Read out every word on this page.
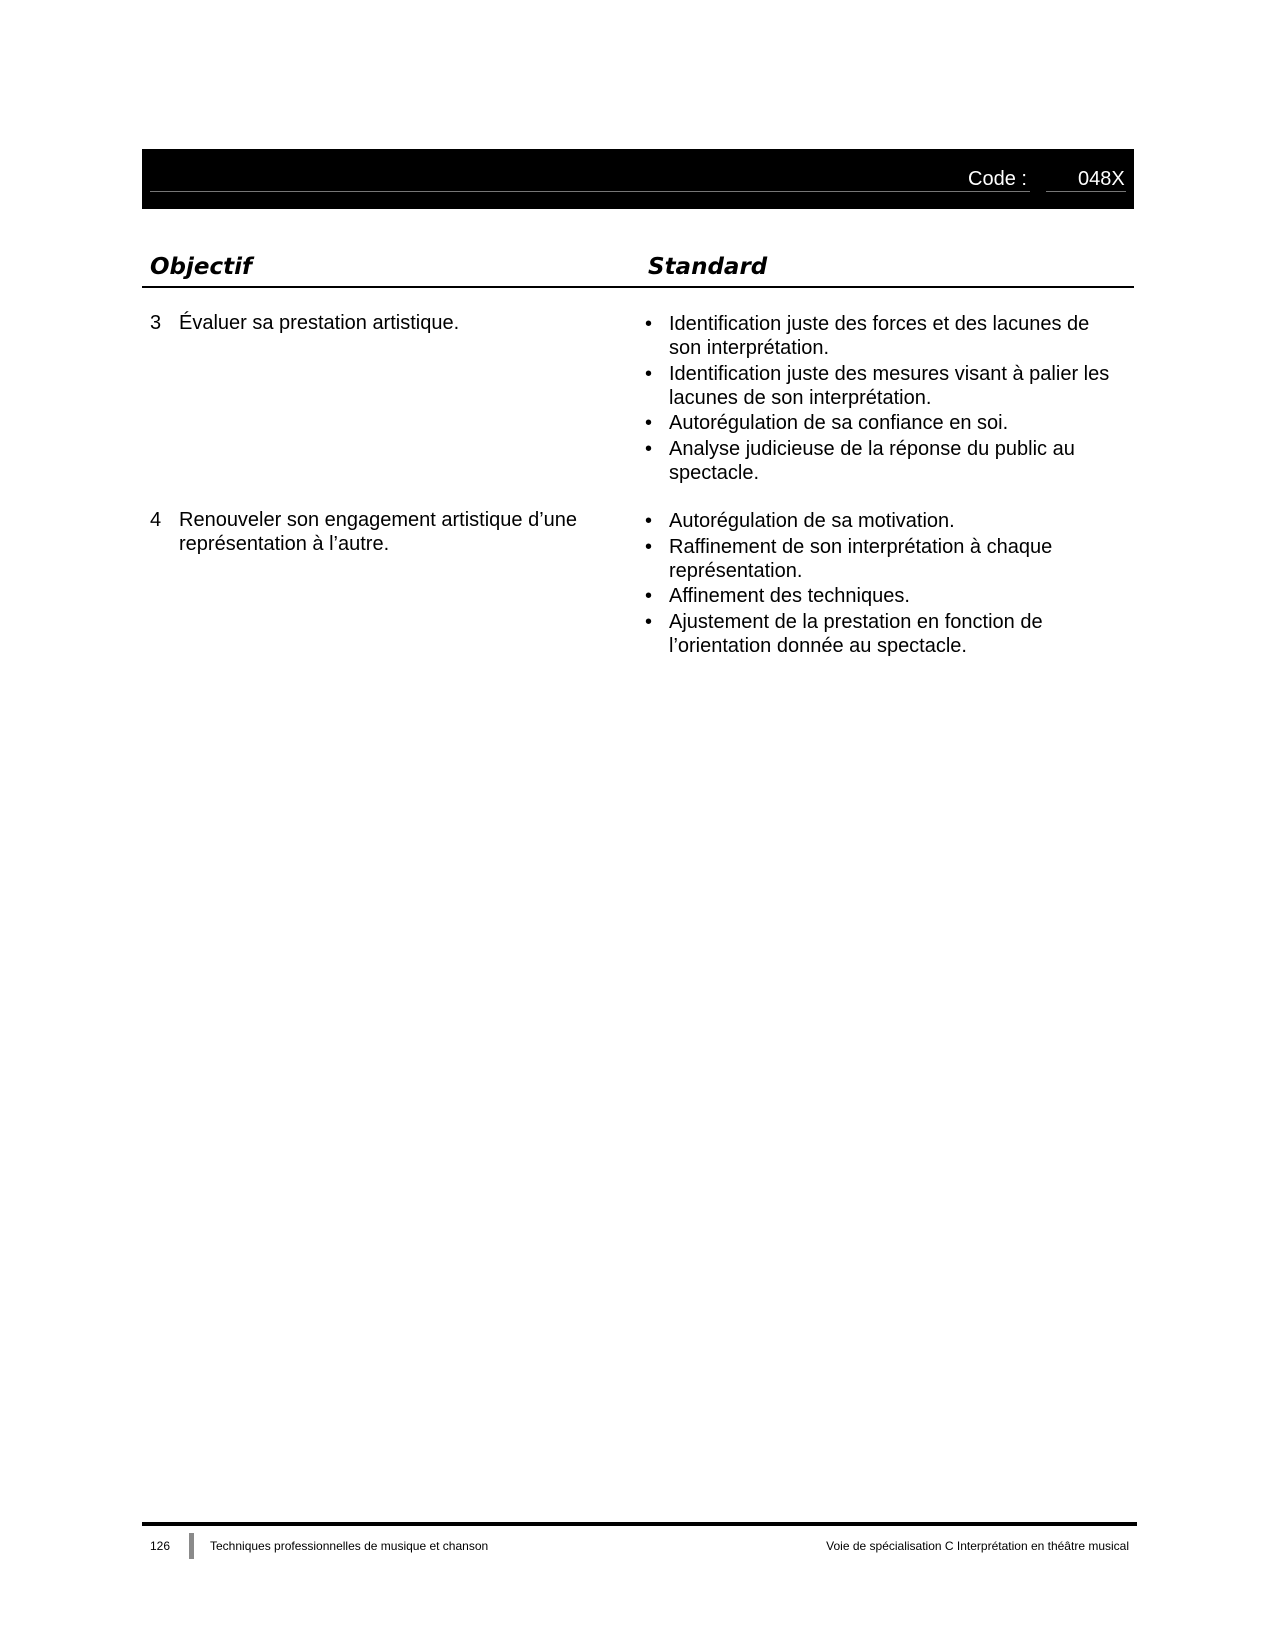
Code :	048X
Objectif	Standard
3 Évaluer sa prestation artistique.
•	Identification juste des forces et des lacunes de son interprétation.
• Identification juste des mesures visant à palier les lacunes de son interprétation.
• Autorégulation de sa confiance en soi.
• Analyse judicieuse de la réponse du public au spectacle.
4 Renouveler son engagement artistique d’une représentation à l’autre.
• Autorégulation de sa motivation.
• Raffinement de son interprétation à chaque représentation.
• Affinement des techniques.
• Ajustement de la prestation en fonction de l’orientation donnée au spectacle.
126	Techniques professionnelles de musique et chanson	Voie de spécialisation C Interprétation en théâtre musical
